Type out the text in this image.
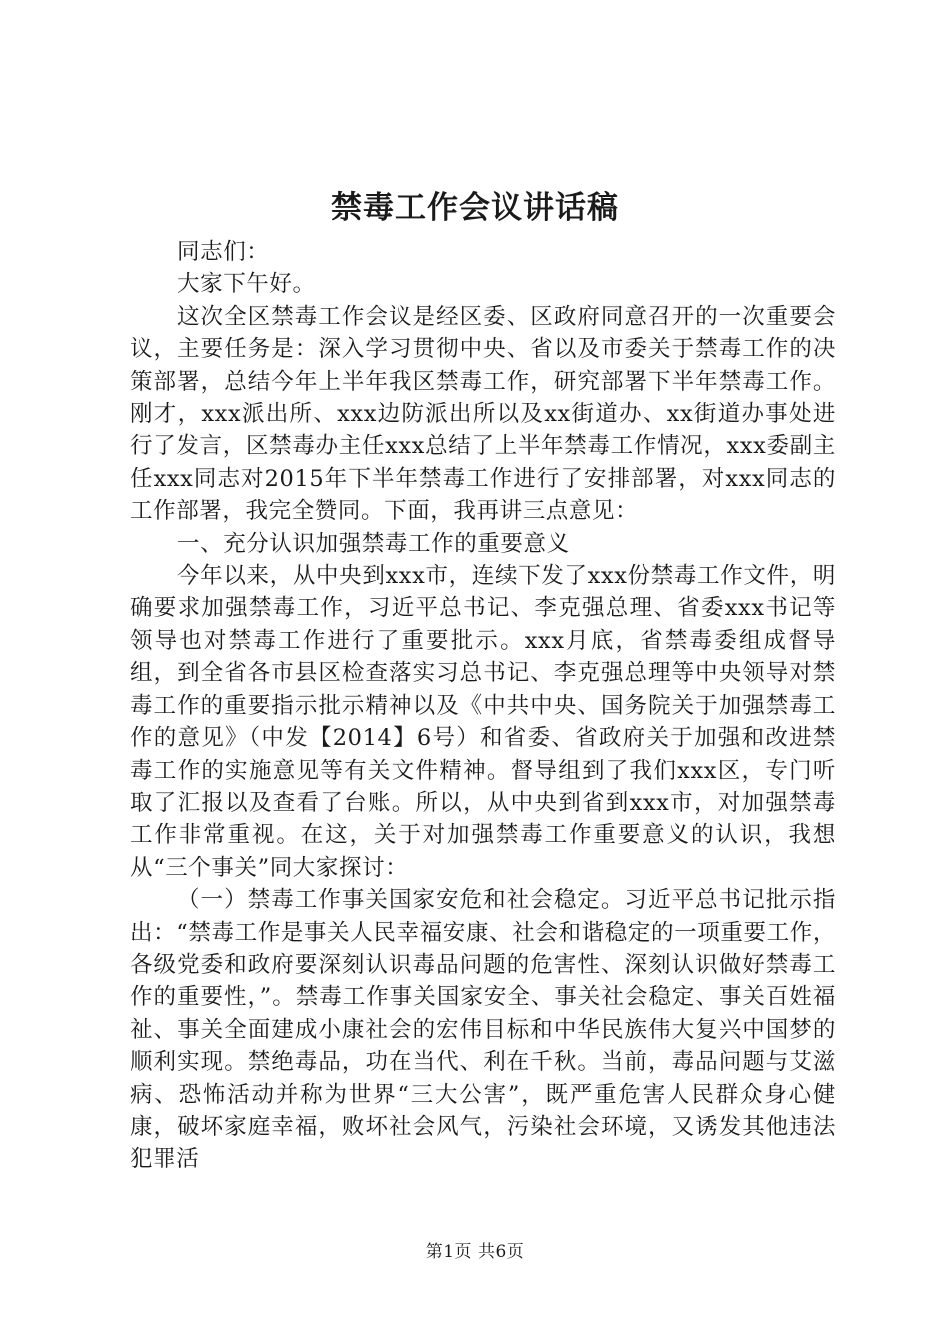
禁毒工作会议讲话稿

同志们：

大家下午好。

这次全区禁毒工作会议是经区委、区政府同意召开的一次重要会议，主要任务是：深入学习贯彻中央、省以及市委关于禁毒工作的决策部署，总结今年上半年我区禁毒工作，研究部署下半年禁毒工作。刚才，xxx派出所、xxx边防派出所以及xx街道办、xx街道办事处进行了发言，区禁毒办主任xxx总结了上半年禁毒工作情况，xxx委副主任xxx同志对2015年下半年禁毒工作进行了安排部署，对xxx同志的工作部署，我完全赞同。下面，我再讲三点意见：

一、充分认识加强禁毒工作的重要意义

今年以来，从中央到xxx市，连续下发了xxx份禁毒工作文件，明确要求加强禁毒工作，习近平总书记、李克强总理、省委xxx书记等领导也对禁毒工作进行了重要批示。xxx月底，省禁毒委组成督导组，到全省各市县区检查落实习总书记、李克强总理等中央领导对禁毒工作的重要指示批示精神以及《中共中央、国务院关于加强禁毒工作的意见》（中发【2014】6号）和省委、省政府关于加强和改进禁毒工作的实施意见等有关文件精神。督导组到了我们xxx区，专门听取了汇报以及查看了台账。所以，从中央到省到xxx市，对加强禁毒工作非常重视。在这，关于对加强禁毒工作重要意义的认识，我想从“三个事关”同大家探讨：

（一）禁毒工作事关国家安危和社会稳定。习近平总书记批示指出：“禁毒工作是事关人民幸福安康、社会和谐稳定的一项重要工作，各级党委和政府要深刻认识毒品问题的危害性、深刻认识做好禁毒工作的重要性，”。禁毒工作事关国家安全、事关社会稳定、事关百姓福祉、事关全面建成小康社会的宏伟目标和中华民族伟大复兴中国梦的顺利实现。禁绝毒品，功在当代、利在千秋。当前，毒品问题与艾滋病、恐怖活动并称为世界“三大公害”，既严重危害人民群众身心健康，破坏家庭幸福，败坏社会风气，污染社会环境，又诱发其他违法犯罪活

第1页 共6页
